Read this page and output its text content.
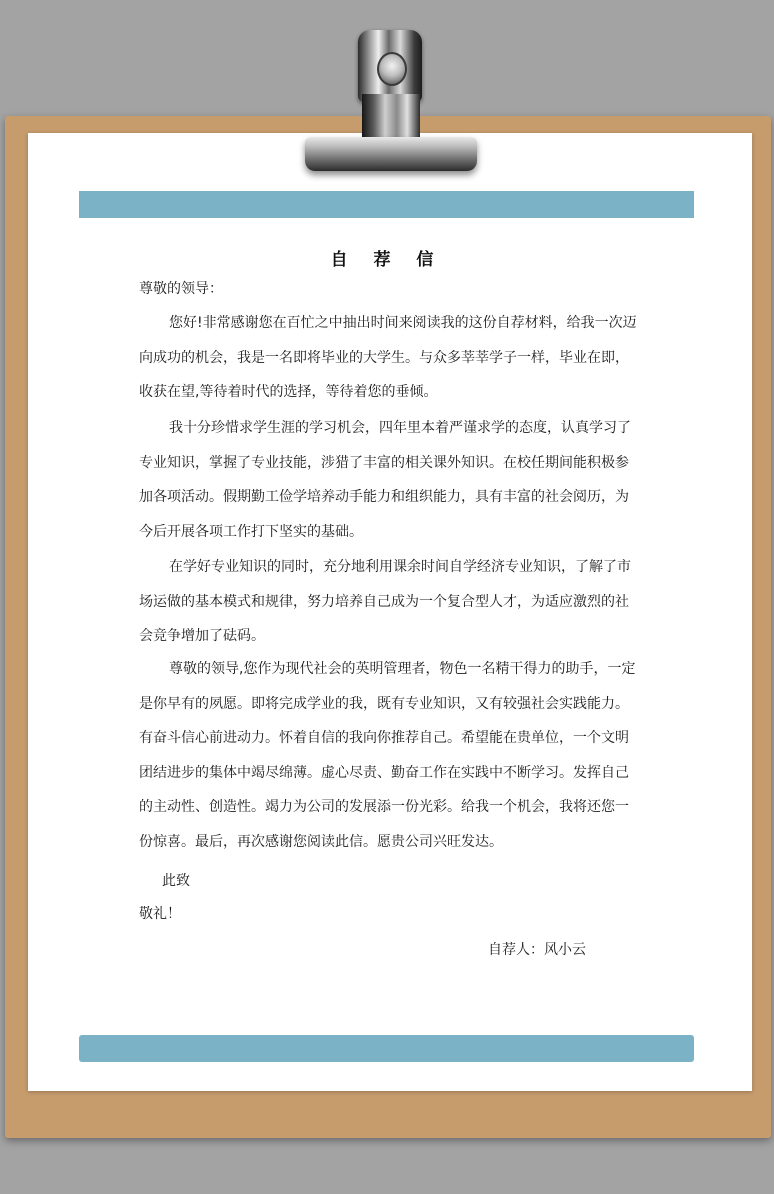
自 荐 信

尊敬的领导：

您好!非常感谢您在百忙之中抽出时间来阅读我的这份自荐材料，给我一次迈向成功的机会，我是一名即将毕业的大学生。与众多莘莘学子一样，毕业在即，收获在望,等待着时代的选择，等待着您的垂倾。

我十分珍惜求学生涯的学习机会，四年里本着严谨求学的态度，认真学习了专业知识，掌握了专业技能，涉猎了丰富的相关课外知识。在校任期间能积极参加各项活动。假期勤工俭学培养动手能力和组织能力，具有丰富的社会阅历，为今后开展各项工作打下坚实的基础。

在学好专业知识的同时，充分地利用课余时间自学经济专业知识，了解了市场运做的基本模式和规律，努力培养自己成为一个复合型人才，为适应激烈的社会竞争增加了砝码。

尊敬的领导,您作为现代社会的英明管理者，物色一名精干得力的助手，一定是你早有的夙愿。即将完成学业的我，既有专业知识，又有较强社会实践能力。有奋斗信心前进动力。怀着自信的我向你推荐自己。希望能在贵单位，一个文明团结进步的集体中竭尽绵薄。虚心尽责、勤奋工作在实践中不断学习。发挥自己的主动性、创造性。竭力为公司的发展添一份光彩。给我一个机会，我将还您一份惊喜。最后，再次感谢您阅读此信。愿贵公司兴旺发达。

此致

敬礼！

自荐人：风小云
